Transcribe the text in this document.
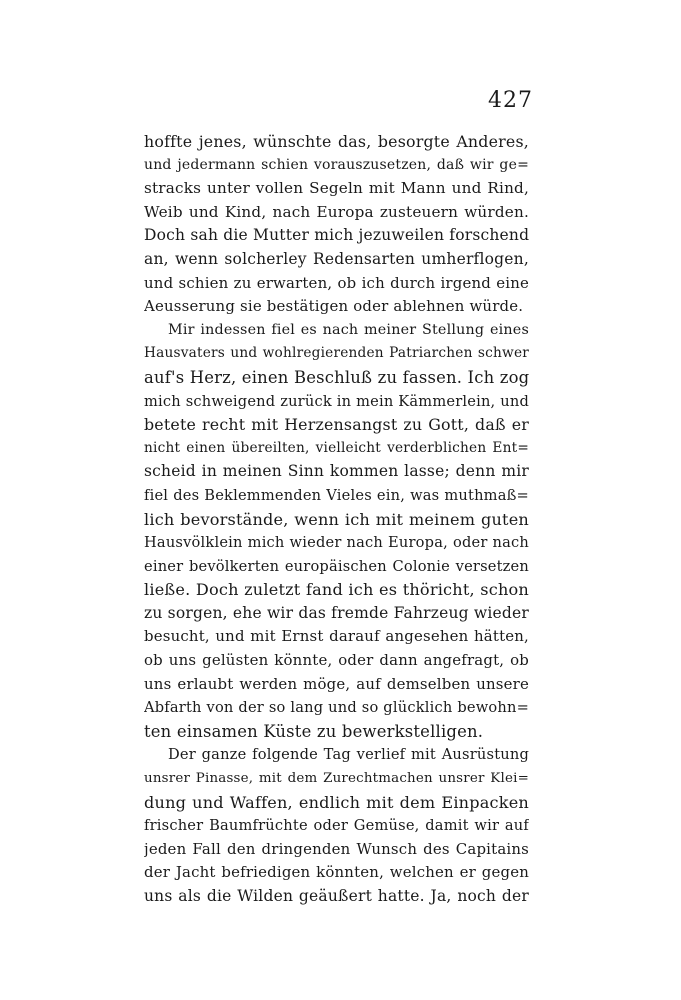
427
hoffte jenes, wünschte das, besorgte Anderes,
und jedermann schien vorauszusetzen, daß wir ge=
stracks unter vollen Segeln mit Mann und Rind,
Weib und Kind, nach Europa zusteuern würden.
Doch sah die Mutter mich jezuweilen forschend
an, wenn solcherley Redensarten umherflogen,
und schien zu erwarten, ob ich durch irgend eine
Aeusserung sie bestätigen oder ablehnen würde.
Mir indessen fiel es nach meiner Stellung eines
Hausvaters und wohlregierenden Patriarchen schwer
auf's Herz, einen Beschluß zu fassen. Ich zog
mich schweigend zurück in mein Kämmerlein, und
betete recht mit Herzensangst zu Gott, daß er
nicht einen übereilten, vielleicht verderblichen Ent=
scheid in meinen Sinn kommen lasse; denn mir
fiel des Beklemmenden Vieles ein, was muthmaß=
lich bevorstände, wenn ich mit meinem guten
Hausvölklein mich wieder nach Europa, oder nach
einer bevölkerten europäischen Colonie versetzen
ließe. Doch zuletzt fand ich es thöricht, schon
zu sorgen, ehe wir das fremde Fahrzeug wieder
besucht, und mit Ernst darauf angesehen hätten,
ob uns gelüsten könnte, oder dann angefragt, ob
uns erlaubt werden möge, auf demselben unsere
Abfarth von der so lang und so glücklich bewohn=
ten einsamen Küste zu bewerkstelligen.
Der ganze folgende Tag verlief mit Ausrüstung
unsrer Pinasse, mit dem Zurechtmachen unsrer Klei=
dung und Waffen, endlich mit dem Einpacken
frischer Baumfrüchte oder Gemüse, damit wir auf
jeden Fall den dringenden Wunsch des Capitains
der Jacht befriedigen könnten, welchen er gegen
uns als die Wilden geäußert hatte. Ja, noch der
